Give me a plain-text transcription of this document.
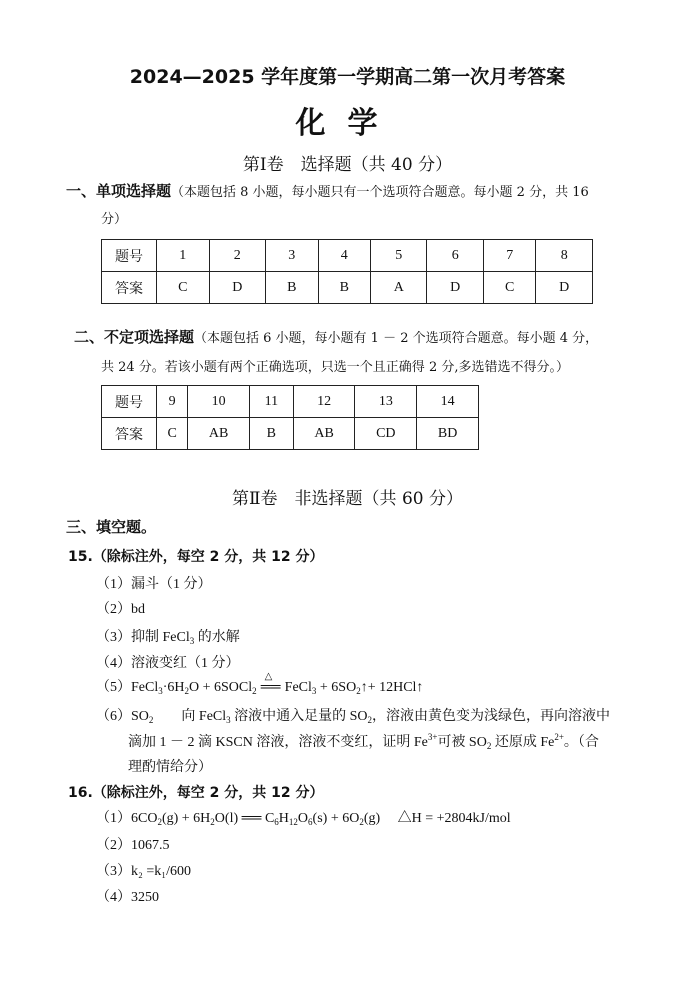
2024—2025 学年度第一学期高二第一次月考答案
化学
第Ⅰ卷　选择题（共 40 分）
一、单项选择题（本题包括 8 小题，每小题只有一个选项符合题意。每小题 2 分，共 16
分）
题号	1	2	3	4	5	6	7	8
答案	C	D	B	B	A	D	C	D
二、不定项选择题（本题包括 6 小题，每小题有 1 － 2 个选项符合题意。每小题 4 分，
共 24 分。若该小题有两个正确选项，只选一个且正确得 2 分,多选错选不得分。）
题号	9	10	11	12	13	14
答案	C	AB	B	AB	CD	BD
第Ⅱ卷　非选择题（共 60 分）
三、填空题。
15.（除标注外，每空 2 分，共 12 分）
（1）漏斗（1 分）
（2）bd
（3）抑制 FeCl$_3$ 的水解
（4）溶液变红（1 分）
$(5)FeCl_3\cdot 6H_2O$ + 6SOCl$_2$
△
══ FeCl$_3$ + $6SO_2↑+$ 12HCl↑
$(6)SO_2$　　向 FeCl$_3$ 溶液中通入足量的 $SO_2$，溶液由黄色变为浅绿色，再向溶液中
滴加 1 － 2 滴 KSCN 溶液，溶液不变红，证明 $Fe^{3+}$可被 $SO_2$ 还原成 $Fe^{2+}$。（合
理酌情给分）
16.（除标注外，每空 2 分，共 12 分）
$(1)6CO_2(g) + 6H_2O(l)$ ══ $C_6H_{12}O_6(s) + 6O_2(g)$　 △H = +2804kJ/mol
（2）1067.5
（3）k₂ =k₁/600
（4）3250
